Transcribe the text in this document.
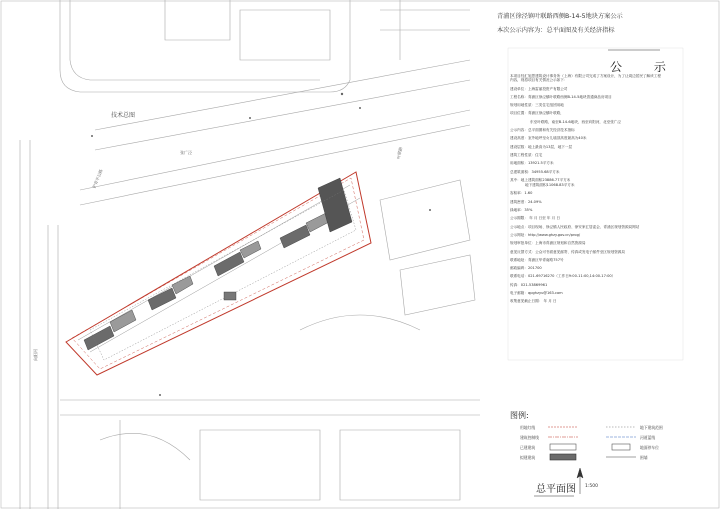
青浦区徐泾镇叶联路西侧B-14-5地块方案公示
本次公示内容为：总平面图及有关经济指标
技术总图
沪青平公路
张广泾	叶联路
向阳河
公 示
本项目经汇旭思建筑设计事务所（上海）有限公司完成了方案设计，为了让周边居民了解该工程
内容，现将项目有关情况公示如下：
建设单位：上海雷丽投资产有限公司
工程名称：青浦区徐泾镇叶联路西侧B-14-5地块普通商品房项目
规划用地性质：三类住宅组团用地
项目位置：青浦区徐泾镇叶联路，
东至叶联路，南至B-14-6地块，西至向阳河，北至张广泾
公示内容：总平面图和有关经济技术指标
建设高度：室外地坪至女儿墙顶高度最高为40米
建设层数：地上最高为13层，地下一层
建筑工程性质：住宅
用地面积：13921.5平方米
总建筑面积：34955.68平方米
其中：地上建筑面积23886.77平方米
地下建筑面积11068.83平方米
容积率：1.60
建筑密度：24.09%
绿地率：35%
公示期限： 年 月 日至 年 月 日
公示地点：项目现场、徐泾镇人民政府、徐安家汇居委会、青浦区规划资源局网站
公示网址：http://www.ghzy.gov.cn/prog/
规划审批单位：上海市青浦区规划和自然资源局
意见反馈方式：公众可书面意见邮寄、传真或发电子邮件至区规划资源局
联系地址：青浦区华青南路757号
邮政编码：201700
联系电话：021-69716270（工作日9:00-11:00,14:00-17:00）
传真：021-53869961
电子邮箱：qpghzyu@163.com
收集意见截止日期： 年 月 日
图例:
用地红线	地下建筑范围
建筑控制线	河道蓝线
已建建筑	地面停车位
拟建建筑	围墙
总平面图 1:500
